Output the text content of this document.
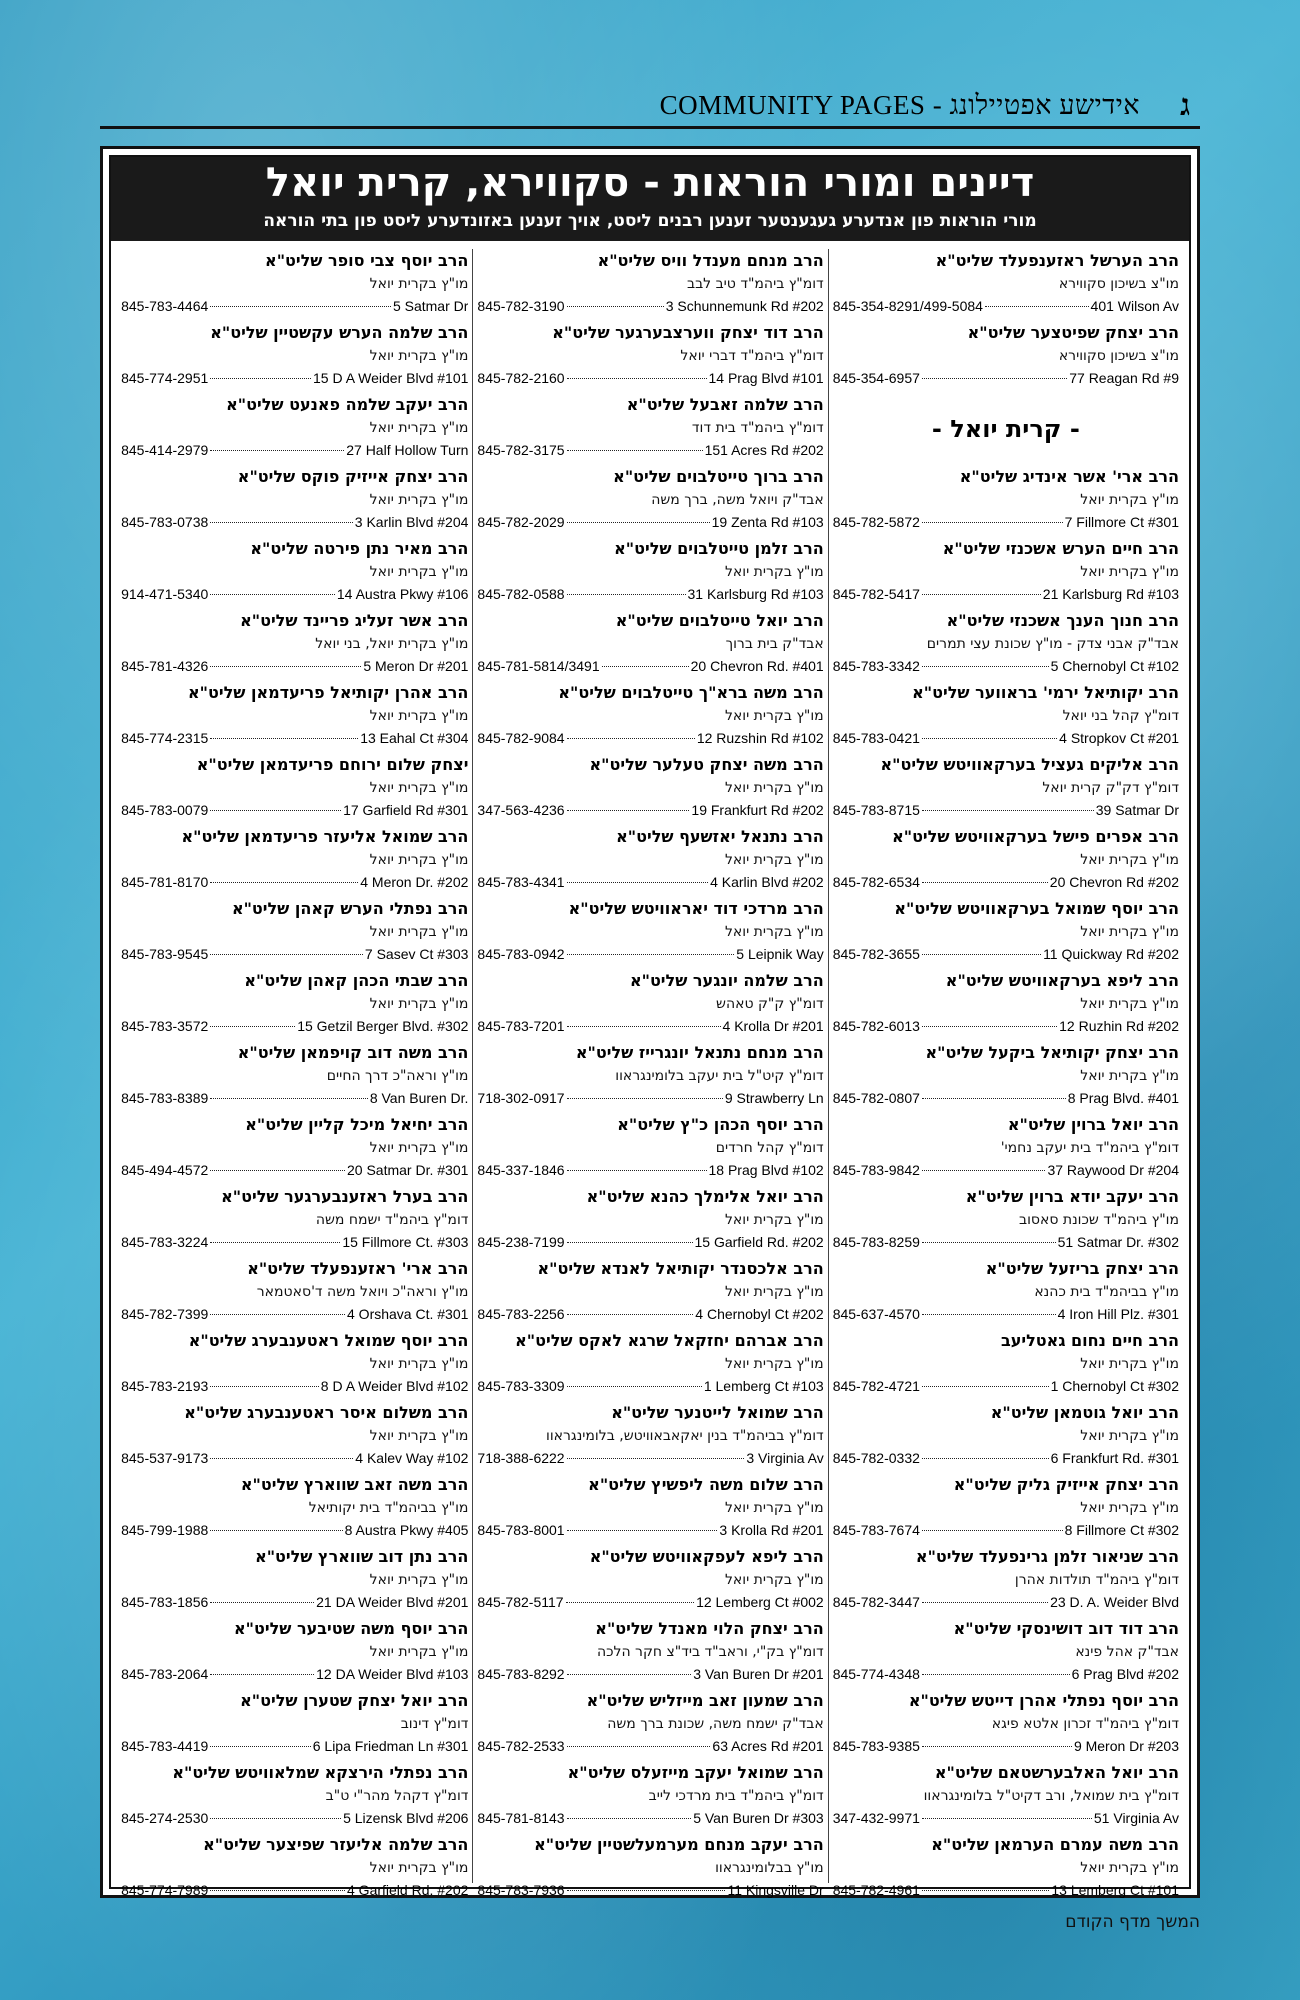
ג
COMMUNITY PAGES - אידישע אפטיילונג
דיינים ומורי הוראות - סקווירא, קרית יואל
מורי הוראות פון אנדערע געגענטער זענען רבנים ליסט, אויך זענען באזונדערע ליסט פון בתי הוראה
הרב הערשל ראזענפעלד שליט"א
מו"צ בשיכון סקווירא
845-354-8291/499-5084	401 Wilson Av
הרב יצחק שפיטצער שליט"א
מו"צ בשיכון סקווירא
845-354-6957	77 Reagan Rd #9
- קרית יואל -
הרב ארי' אשר אינדיג שליט"א
מו"ץ בקרית יואל
845-782-5872	7 Fillmore Ct #301
הרב חיים הערש אשכנזי שליט"א
מו"ץ בקרית יואל
845-782-5417	21 Karlsburg Rd #103
הרב חנוך הענך אשכנזי שליט"א
אבד"ק אבני צדק - מו"ץ שכונת עצי תמרים
845-783-3342	5 Chernobyl Ct #102
הרב יקותיאל ירמי' בראווער שליט"א
דומ"ץ קהל בני יואל
845-783-0421	4 Stropkov Ct #201
הרב אליקים געציל בערקאוויטש שליט"א
דומ"ץ דק"ק קרית יואל
845-783-8715	39 Satmar Dr
הרב אפרים פישל בערקאוויטש שליט"א
מו"ץ בקרית יואל
845-782-6534	20 Chevron Rd #202
הרב יוסף שמואל בערקאוויטש שליט"א
מו"ץ בקרית יואל
845-782-3655	11 Quickway Rd #202
הרב ליפא בערקאוויטש שליט"א
מו"ץ בקרית יואל
845-782-6013	12 Ruzhin Rd #202
הרב יצחק יקותיאל ביקעל שליט"א
מו"ץ בקרית יואל
845-782-0807	8 Prag Blvd. #401
הרב יואל ברוין שליט"א
דומ"ץ ביהמ"ד בית יעקב נחמי'
845-783-9842	37 Raywood Dr #204
הרב יעקב יודא ברוין שליט"א
מו"ץ ביהמ"ד שכונת סאסוב
845-783-8259	51 Satmar Dr. #302
הרב יצחק בריזעל שליט"א
מו"ץ בביהמ"ד בית כהנא
845-637-4570	4 Iron Hill Plz. #301
הרב חיים נחום גאטליעב
מו"ץ בקרית יואל
845-782-4721	1 Chernobyl Ct #302
הרב יואל גוטמאן שליט"א
מו"ץ בקרית יואל
845-782-0332	6 Frankfurt Rd. #301
הרב יצחק אייזיק גליק שליט"א
מו"ץ בקרית יואל
845-783-7674	8 Fillmore Ct #302
הרב שניאור זלמן גרינפעלד שליט"א
דומ"ץ ביהמ"ד תולדות אהרן
845-782-3447	23 D. A. Weider Blvd
הרב דוד דוב דושינסקי שליט"א
אבד"ק אהל פינא
845-774-4348	6 Prag Blvd #202
הרב יוסף נפתלי אהרן דייטש שליט"א
דומ"ץ ביהמ"ד זכרון אלטא פיגא
845-783-9385	9 Meron Dr #203
הרב יואל האלבערשטאם שליט"א
דומ"ץ בית שמואל, ורב דקיט"ל בלומינגראוו
347-432-9971	51 Virginia Av
הרב משה עמרם הערמאן שליט"א
מו"ץ בקרית יואל
845-782-4961	13 Lemberg Ct #101
הרב מנחם מענדל וויס שליט"א
דומ"ץ ביהמ"ד טיב לבב
845-782-3190	3 Schunnemunk Rd #202
הרב דוד יצחק ווערצבערגער שליט"א
דומ"ץ ביהמ"ד דברי יואל
845-782-2160	14 Prag Blvd #101
הרב שלמה זאבעל שליט"א
דומ"ץ ביהמ"ד בית דוד
845-782-3175	151 Acres Rd #202
הרב ברוך טייטלבוים שליט"א
אבד"ק ויואל משה, ברך משה
845-782-2029	19 Zenta Rd #103
הרב זלמן טייטלבוים שליט"א
מו"ץ בקרית יואל
845-782-0588	31 Karlsburg Rd #103
הרב יואל טייטלבוים שליט"א
אבד"ק בית ברוך
845-781-5814/3491	20 Chevron Rd. #401
הרב משה ברא"ך טייטלבוים שליט"א
מו"ץ בקרית יואל
845-782-9084	12 Ruzshin Rd #102
הרב משה יצחק טעלער שליט"א
מו"ץ בקרית יואל
347-563-4236	19 Frankfurt Rd #202
הרב נתנאל יאזשעף שליט"א
מו"ץ בקרית יואל
845-783-4341	4 Karlin Blvd #202
הרב מרדכי דוד יאראוויטש שליט"א
מו"ץ בקרית יואל
845-783-0942	5 Leipnik Way
הרב שלמה יונגער שליט"א
דומ"ץ ק"ק טאהש
845-783-7201	4 Krolla Dr #201
הרב מנחם נתנאל יונגרייז שליט"א
דומ"ץ קיט"ל בית יעקב בלומינגראוו
718-302-0917	9 Strawberry Ln
הרב יוסף הכהן כ"ץ שליט"א
דומ"ץ קהל חרדים
845-337-1846	18 Prag Blvd #102
הרב יואל אלימלך כהנא שליט"א
מו"ץ בקרית יואל
845-238-7199	15 Garfield Rd. #202
הרב אלכסנדר יקותיאל לאנדא שליט"א
מו"ץ בקרית יואל
845-783-2256	4 Chernobyl Ct #202
הרב אברהם יחזקאל שרגא לאקס שליט"א
מו"ץ בקרית יואל
845-783-3309	1 Lemberg Ct #103
הרב שמואל לייטנער שליט"א
דומ"ץ בביהמ"ד בנין יאקאבאוויטש, בלומינגראוו
718-388-6222	3 Virginia Av
הרב שלום משה ליפשיץ שליט"א
מו"ץ בקרית יואל
845-783-8001	3 Krolla Rd #201
הרב ליפא לעפקאוויטש שליט"א
מו"ץ בקרית יואל
845-782-5117	12 Lemberg Ct #002
הרב יצחק הלוי מאנדל שליט"א
דומ"ץ בק"י, וראב"ד ביד"צ חקר הלכה
845-783-8292	3 Van Buren Dr #201
הרב שמעון זאב מייזליש שליט"א
אבד"ק ישמח משה, שכונת ברך משה
845-782-2533	63 Acres Rd #201
הרב שמואל יעקב מייזעלס שליט"א
דומ"ץ ביהמ"ד בית מרדכי לייב
845-781-8143	5 Van Buren Dr #303
הרב יעקב מנחם מערמעלשטיין שליט"א
מו"ץ בבלומינגראוו
845-783-7936	11 Kingsville Dr
הרב יוסף צבי סופר שליט"א
מו"ץ בקרית יואל
845-783-4464	5 Satmar Dr
הרב שלמה הערש עקשטיין שליט"א
מו"ץ בקרית יואל
845-774-2951	15 D A Weider Blvd #101
הרב יעקב שלמה פאנעט שליט"א
מו"ץ בקרית יואל
845-414-2979	27 Half Hollow Turn
הרב יצחק אייזיק פוקס שליט"א
מו"ץ בקרית יואל
845-783-0738	3 Karlin Blvd #204
הרב מאיר נתן פירטה שליט"א
מו"ץ בקרית יואל
914-471-5340	14 Austra Pkwy #106
הרב אשר זעליג פריינד שליט"א
מו"ץ בקרית יואל, בני יואל
845-781-4326	5 Meron Dr #201
הרב אהרן יקותיאל פריעדמאן שליט"א
מו"ץ בקרית יואל
845-774-2315	13 Eahal Ct #304
יצחק שלום ירוחם פריעדמאן שליט"א
מו"ץ בקרית יואל
845-783-0079	17 Garfield Rd #301
הרב שמואל אליעזר פריעדמאן שליט"א
מו"ץ בקרית יואל
845-781-8170	4 Meron Dr. #202
הרב נפתלי הערש קאהן שליט"א
מו"ץ בקרית יואל
845-783-9545	7 Sasev Ct #303
הרב שבתי הכהן קאהן שליט"א
מו"ץ בקרית יואל
845-783-3572	15 Getzil Berger Blvd. #302
הרב משה דוב קויפמאן שליט"א
מו"ץ וראה"כ דרך החיים
845-783-8389	8 Van Buren Dr.
הרב יחיאל מיכל קליין שליט"א
מו"ץ בקרית יואל
845-494-4572	20 Satmar Dr. #301
הרב בערל ראזענבערגער שליט"א
דומ"ץ ביהמ"ד ישמח משה
845-783-3224	15 Fillmore Ct. #303
הרב ארי' ראזענפעלד שליט"א
מו"ץ וראה"כ ויואל משה ד'סאטמאר
845-782-7399	4 Orshava Ct. #301
הרב יוסף שמואל ראטענבערג שליט"א
מו"ץ בקרית יואל
845-783-2193	8 D A Weider Blvd #102
הרב משלום איסר ראטענבערג שליט"א
מו"ץ בקרית יואל
845-537-9173	4 Kalev Way #102
הרב משה זאב שווארץ שליט"א
מו"ץ בביהמ"ד בית יקותיאל
845-799-1988	8 Austra Pkwy #405
הרב נתן דוב שווארץ שליט"א
מו"ץ בקרית יואל
845-783-1856	21 DA Weider Blvd #201
הרב יוסף משה שטיבער שליט"א
מו"ץ בקרית יואל
845-783-2064	12 DA Weider Blvd #103
הרב יואל יצחק שטערן שליט"א
דומ"ץ דינוב
845-783-4419	6 Lipa Friedman Ln #301
הרב נפתלי הירצקא שמלאוויטש שליט"א
דומ"ץ דקהל מהר"י ט"ב
845-274-2530	5 Lizensk Blvd #206
הרב שלמה אליעזר שפיצער שליט"א
מו"ץ בקרית יואל
845-774-7989	4 Garfield Rd. #202
המשך מדף הקודם
